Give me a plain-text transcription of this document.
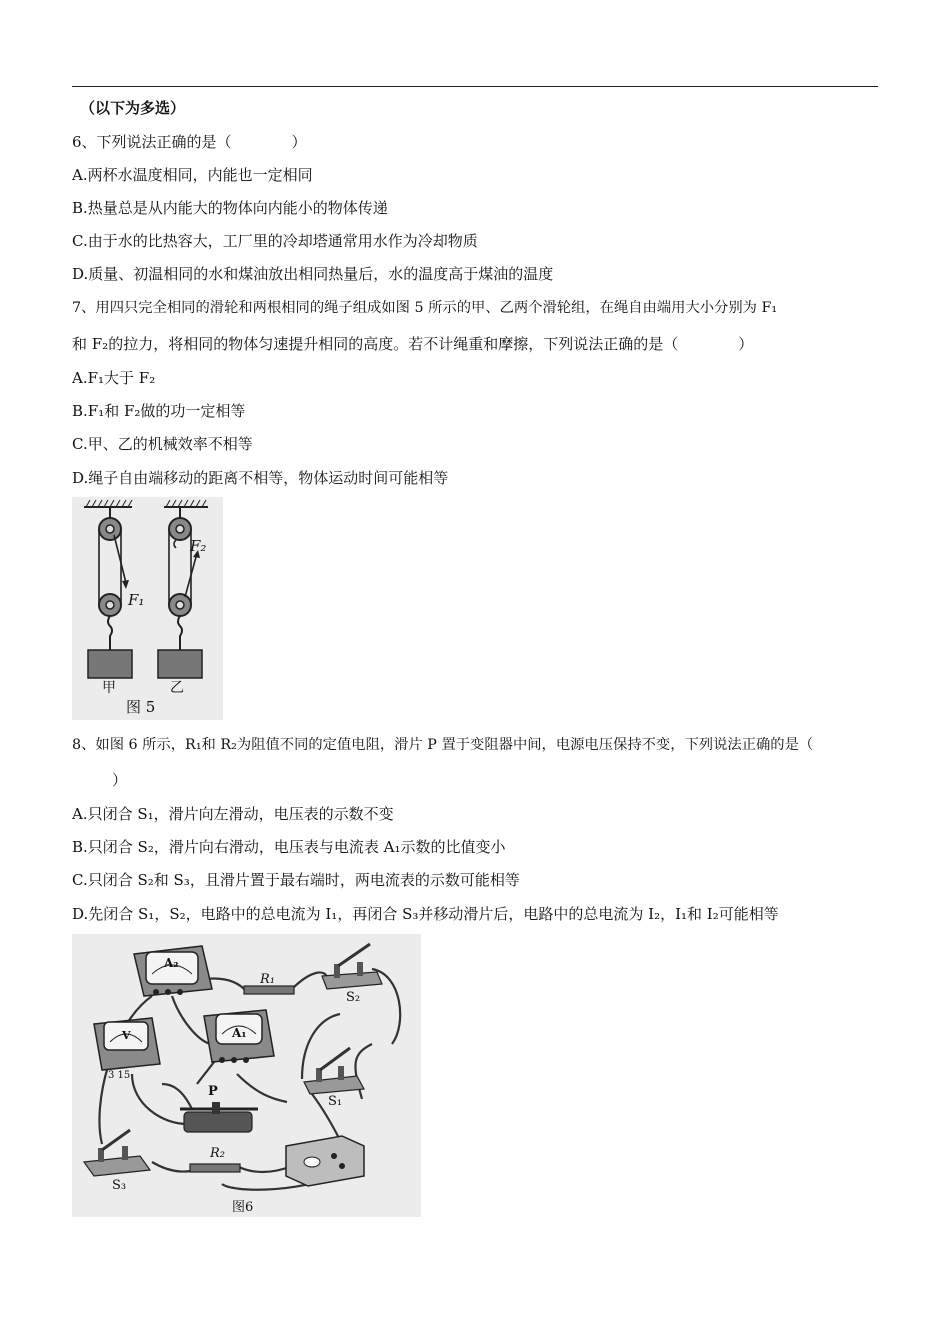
（以下为多选）
6、下列说法正确的是（　　　　）
A.两杯水温度相同，内能也一定相同
B.热量总是从内能大的物体向内能小的物体传递
C.由于水的比热容大，工厂里的冷却塔通常用水作为冷却物质
D.质量、初温相同的水和煤油放出相同热量后，水的温度高于煤油的温度
7、用四只完全相同的滑轮和两根相同的绳子组成如图 5 所示的甲、乙两个滑轮组，在绳自由端用大小分别为 F₁
和 F₂的拉力，将相同的物体匀速提升相同的高度。若不计绳重和摩擦，下列说法正确的是（　　　　）
A.F₁大于 F₂
B.F₁和 F₂做的功一定相等
C.甲、乙的机械效率不相等
D.绳子自由端移动的距离不相等，物体运动时间可能相等
F₁
F₂
甲	乙
图 5
8、如图 6 所示，R₁和 R₂为阻值不同的定值电阻，滑片 P 置于变阻器中间，电源电压保持不变，下列说法正确的是（
）
A.只闭合 S₁，滑片向左滑动，电压表的示数不变
B.只闭合 S₂，滑片向右滑动，电压表与电流表 A₁示数的比值变小
C.只闭合 S₂和 S₃，且滑片置于最右端时，两电流表的示数可能相等
D.先闭合 S₁，S₂，电路中的总电流为 I₁，再闭合 S₃并移动滑片后，电路中的总电流为 I₂，I₁和 I₂可能相等
A₂
A₁
V
3 15
R₁
S₂
S₁
P
R₂
S₃
图6
